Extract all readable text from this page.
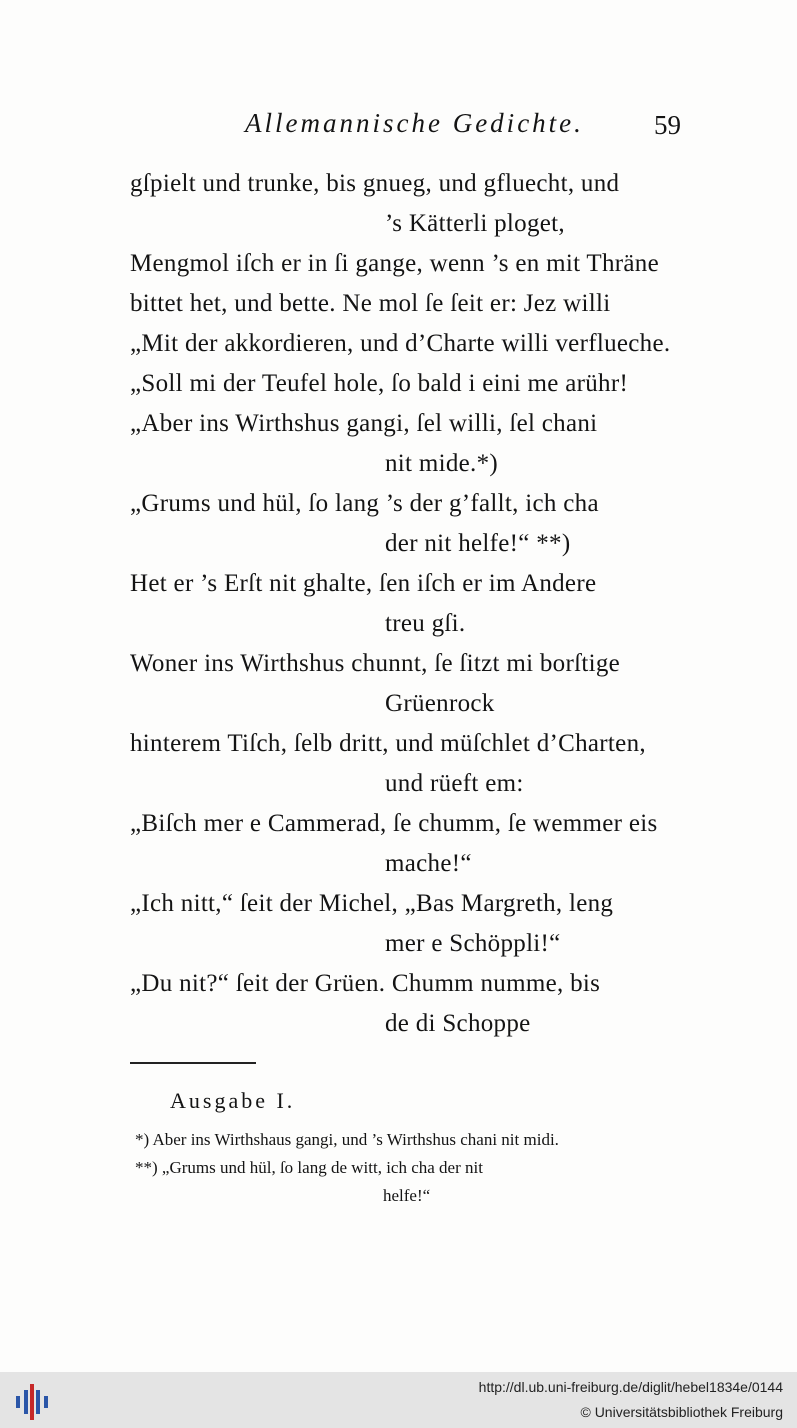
Allemannische Gedichte.	59
gſpielt und trunke, bis gnueg, und gfluecht, und
’s Kätterli ploget,
Mengmol iſch er in ſi gange, wenn ’s en mit Thräne
bittet het, und bette. Ne mol ſe ſeit er: Jez willi
„Mit der akkordieren, und d’Charte willi verflueche.
„Soll mi der Teufel hole, ſo bald i eini me arühr!
„Aber ins Wirthshus gangi, ſel willi, ſel chani
nit mide.*)
„Grums und hül, ſo lang ’s der g’fallt, ich cha
der nit helfe!“ **)
Het er ’s Erſt nit ghalte, ſen iſch er im Andere
treu gſi.
Woner ins Wirthshus chunnt, ſe ſitzt mi borſtige
Grüenrock
hinterem Tiſch, ſelb dritt, und müſchlet d’Charten,
und rüeft em:
„Biſch mer e Cammerad, ſe chumm, ſe wemmer eis
mache!“
„Ich nitt,“ ſeit der Michel, „Bas Margreth, leng
mer e Schöppli!“
„Du nit?“ ſeit der Grüen. Chumm numme, bis
de di Schoppe
Ausgabe I.
*) Aber ins Wirthshaus gangi, und ’s Wirthshus chani nit midi.
**) „Grums und hül, ſo lang de witt, ich cha der nit
helfe!“
http://dl.ub.uni-freiburg.de/diglit/hebel1834e/0144
© Universitätsbibliothek Freiburg
